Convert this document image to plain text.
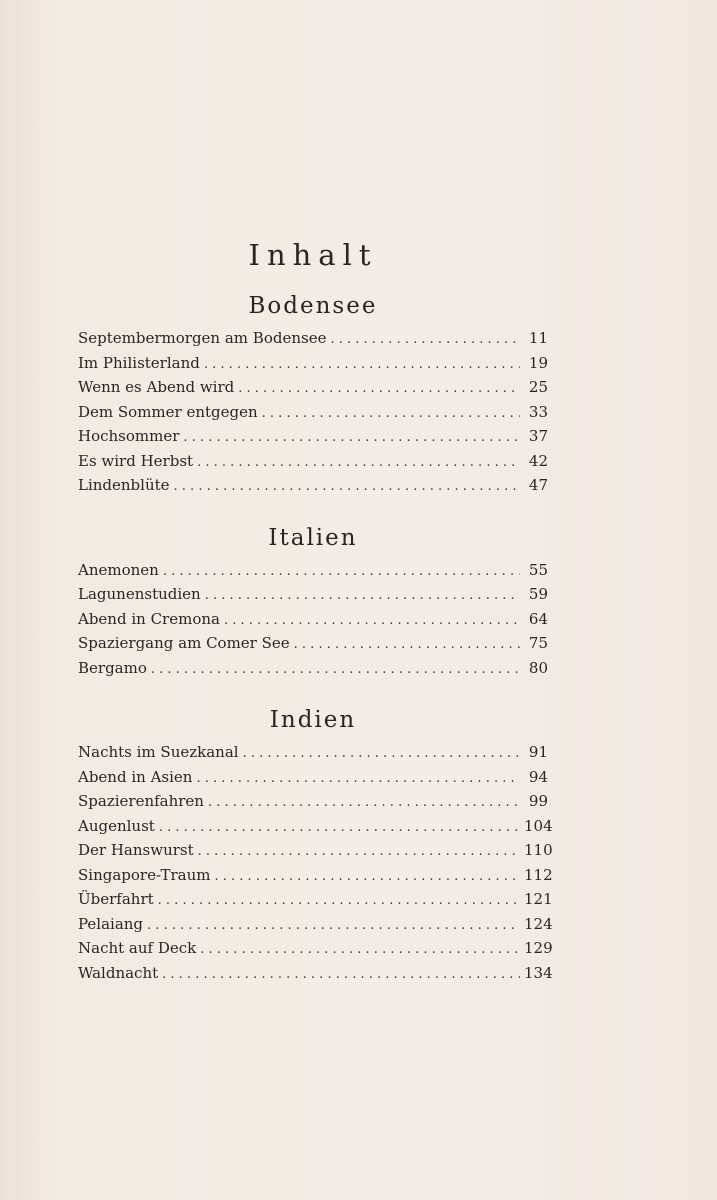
Inhalt
Bodensee
Septembermorgen am Bodensee . . .	11
Im Philisterland . . .	19
Wenn es Abend wird . . .	25
Dem Sommer entgegen . . .	33
Hochsommer . . .	37
Es wird Herbst . . .	42
Lindenblüte . . .	47
Italien
Anemonen . . .	55
Lagunenstudien . . .	59
Abend in Cremona . . .	64
Spaziergang am Comer See . . .	75
Bergamo . . .	80
Indien
Nachts im Suezkanal . . .	91
Abend in Asien . . .	94
Spazierenfahren . . .	99
Augenlust . . .	104
Der Hanswurst . . .	110
Singapore-Traum . . .	112
Überfahrt . . .	121
Pelaiang . . .	124
Nacht auf Deck . . .	129
Waldnacht . . .	134
